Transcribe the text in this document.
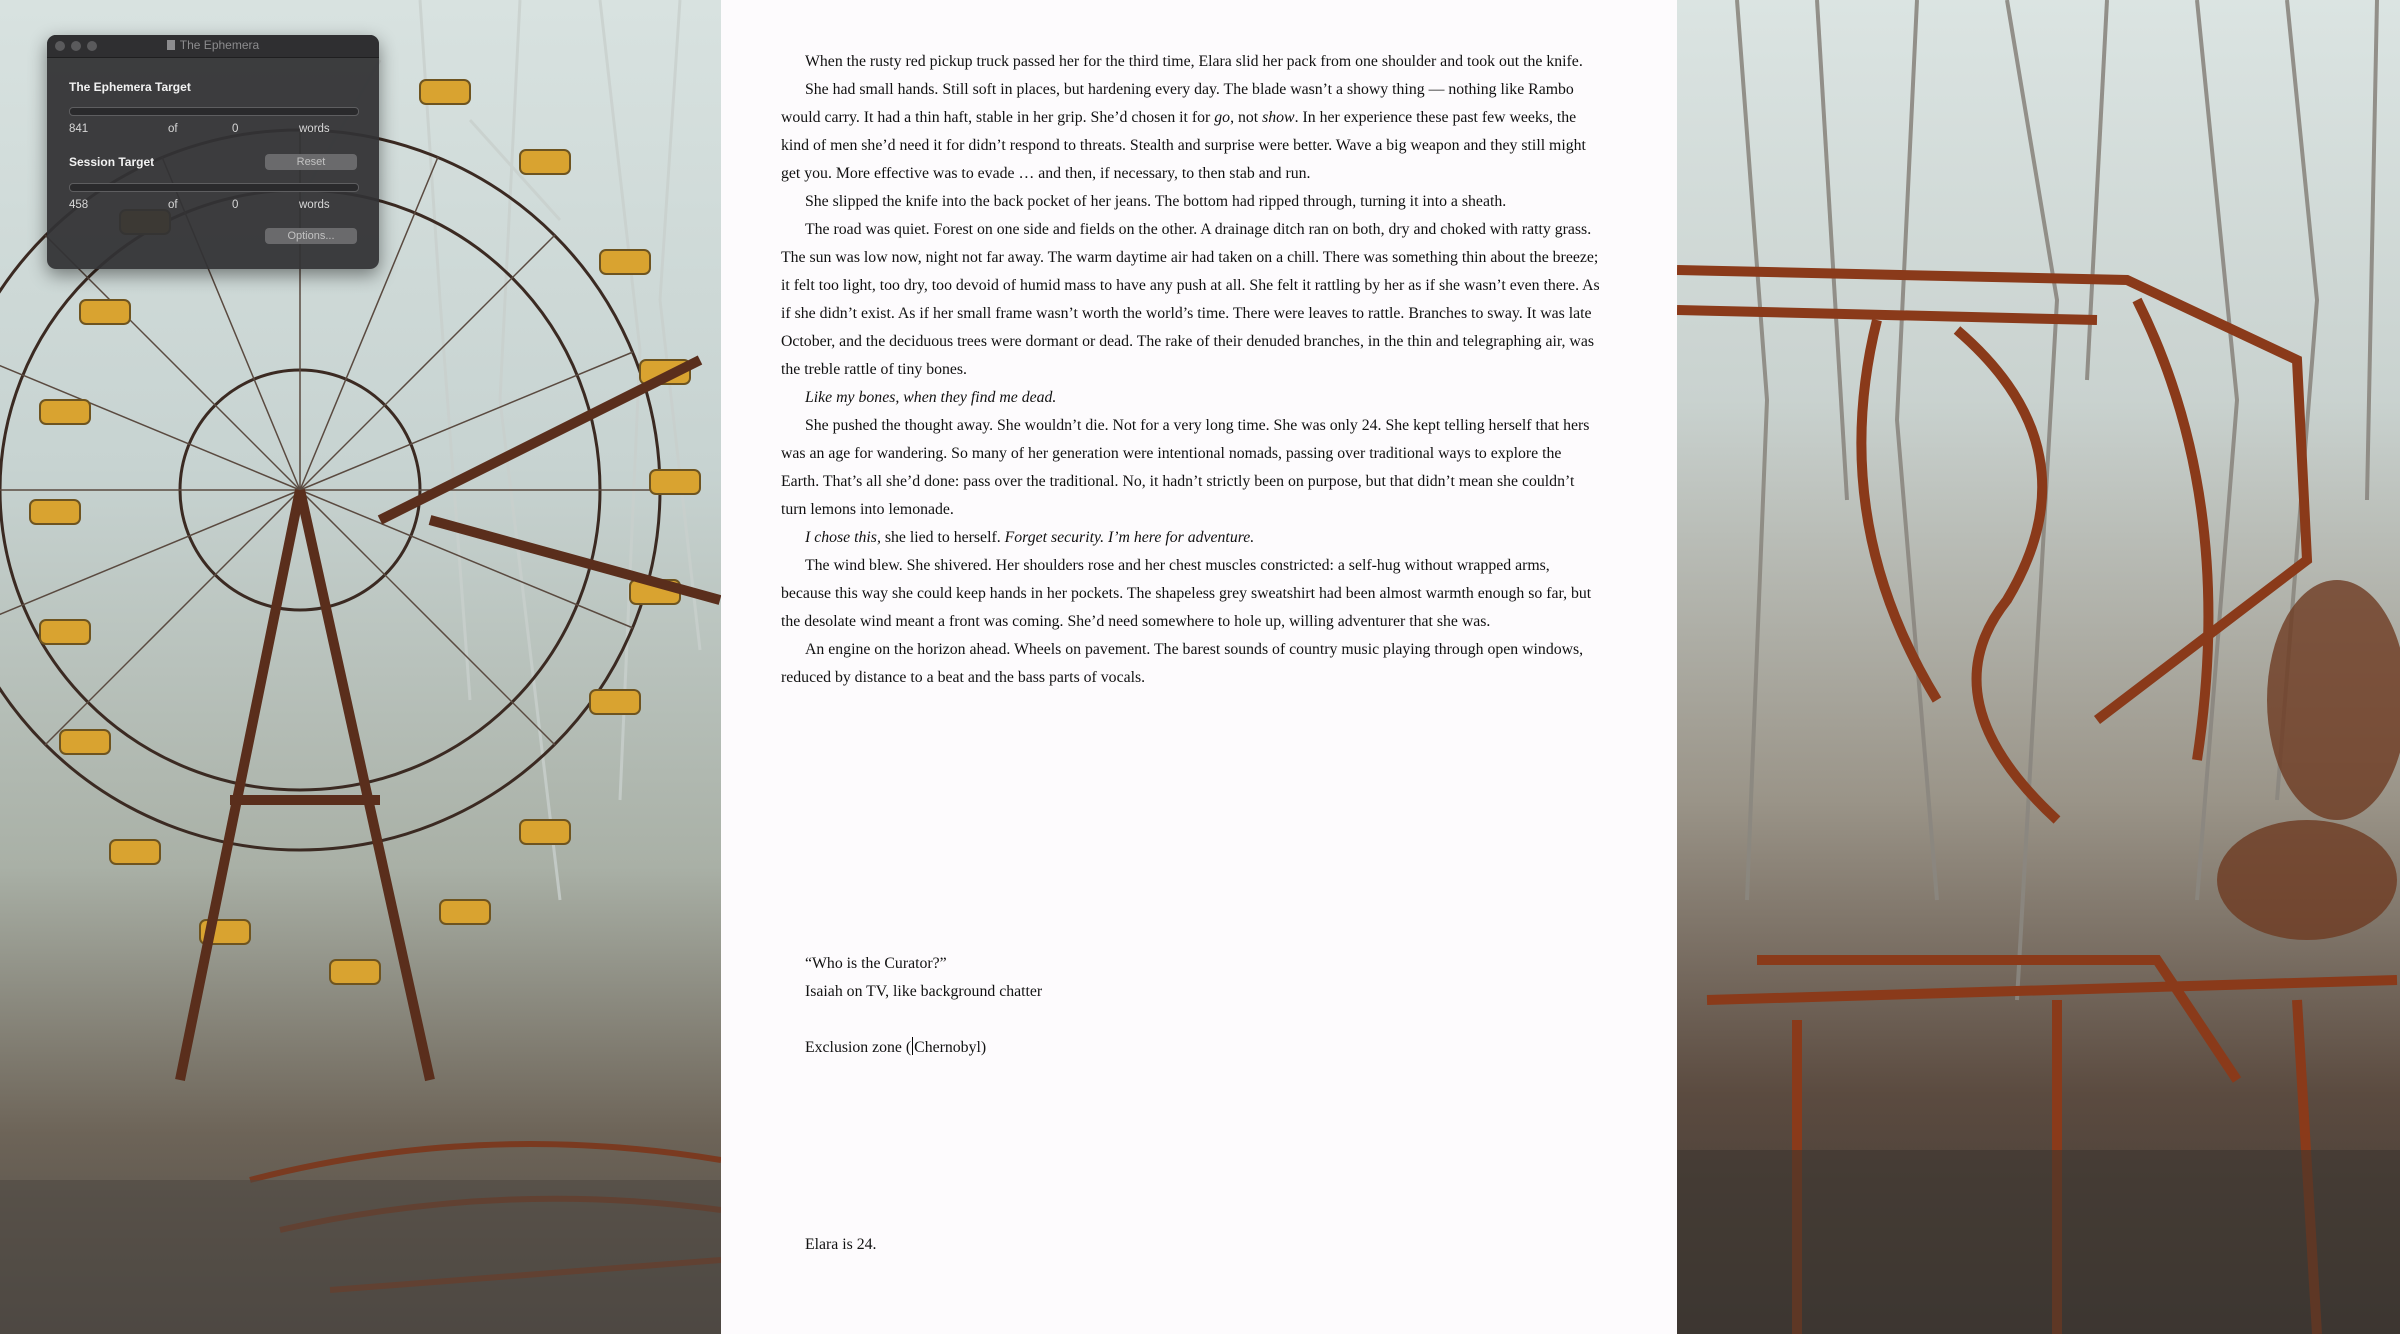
When the rusty red pickup truck passed her for the third time, Elara slid her pack from one shoulder and took out the knife.

She had small hands. Still soft in places, but hardening every day. The blade wasn’t a showy thing — nothing like Rambo would carry. It had a thin haft, stable in her grip. She’d chosen it for go, not show. In her experience these past few weeks, the kind of men she’d need it for didn’t respond to threats. Stealth and surprise were better. Wave a big weapon and they still might get you. More effective was to evade … and then, if necessary, to then stab and run.

She slipped the knife into the back pocket of her jeans. The bottom had ripped through, turning it into a sheath.

The road was quiet. Forest on one side and fields on the other. A drainage ditch ran on both, dry and choked with ratty grass. The sun was low now, night not far away. The warm daytime air had taken on a chill. There was something thin about the breeze; it felt too light, too dry, too devoid of humid mass to have any push at all. She felt it rattling by her as if she wasn’t even there. As if she didn’t exist. As if her small frame wasn’t worth the world’s time. There were leaves to rattle. Branches to sway. It was late October, and the deciduous trees were dormant or dead. The rake of their denuded branches, in the thin and telegraphing air, was the treble rattle of tiny bones.

Like my bones, when they find me dead.

She pushed the thought away. She wouldn’t die. Not for a very long time. She was only 24. She kept telling herself that hers was an age for wandering. So many of her generation were intentional nomads, passing over traditional ways to explore the Earth. That’s all she’d done: pass over the traditional. No, it hadn’t strictly been on purpose, but that didn’t mean she couldn’t turn lemons into lemonade.

I chose this, she lied to herself. Forget security. I’m here for adventure.

The wind blew. She shivered. Her shoulders rose and her chest muscles constricted: a self-hug without wrapped arms, because this way she could keep hands in her pockets. The shapeless grey sweatshirt had been almost warmth enough so far, but the desolate wind meant a front was coming. She’d need somewhere to hole up, willing adventurer that she was.

An engine on the horizon ahead. Wheels on pavement. The barest sounds of country music playing through open windows, reduced by distance to a beat and the bass parts of vocals.

“Who is the Curator?”
Isaiah on TV, like background chatter
Exclusion zone ( Chernobyl)
Elara is 24.
The Ephemera
The Ephemera Target
841	of	0	words
Session Target	Reset
458	of	0	words
Options...
